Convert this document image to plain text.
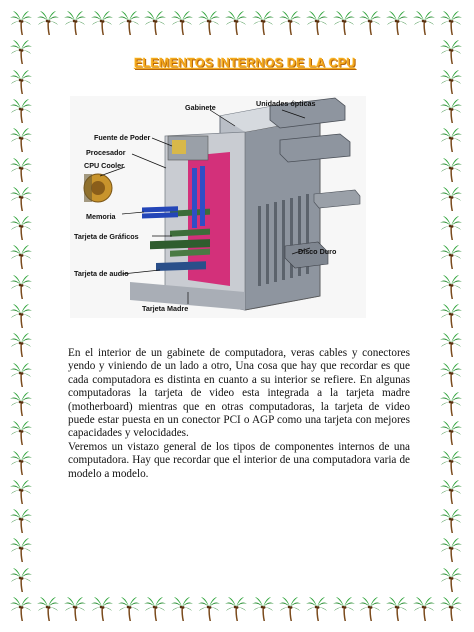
ELEMENTOS INTERNOS DE LA CPU
Gabinete	Unidades ópticas
Fuente de Poder
Procesador
CPU Cooler
Memoria
Tarjeta de Gráficos
Disco Duro
Tarjeta de audio
Tarjeta Madre

En el interior de un gabinete de computadora, veras cables y conectores yendo y viniendo de un lado a otro, Una cosa que hay que recordar es que cada computadora es distinta en cuanto a su interior se refiere. En algunas computadoras la tarjeta de video esta integrada a la tarjeta madre (motherboard) mientras que en otras computadoras, la tarjeta de video puede estar puesta en un conector PCI o AGP como una tarjeta con mejores capacidades y velocidades.

Veremos un vistazo general de los tipos de componentes internos de una computadora. Hay que recordar que el interior de una computadora varia de modelo a modelo.
